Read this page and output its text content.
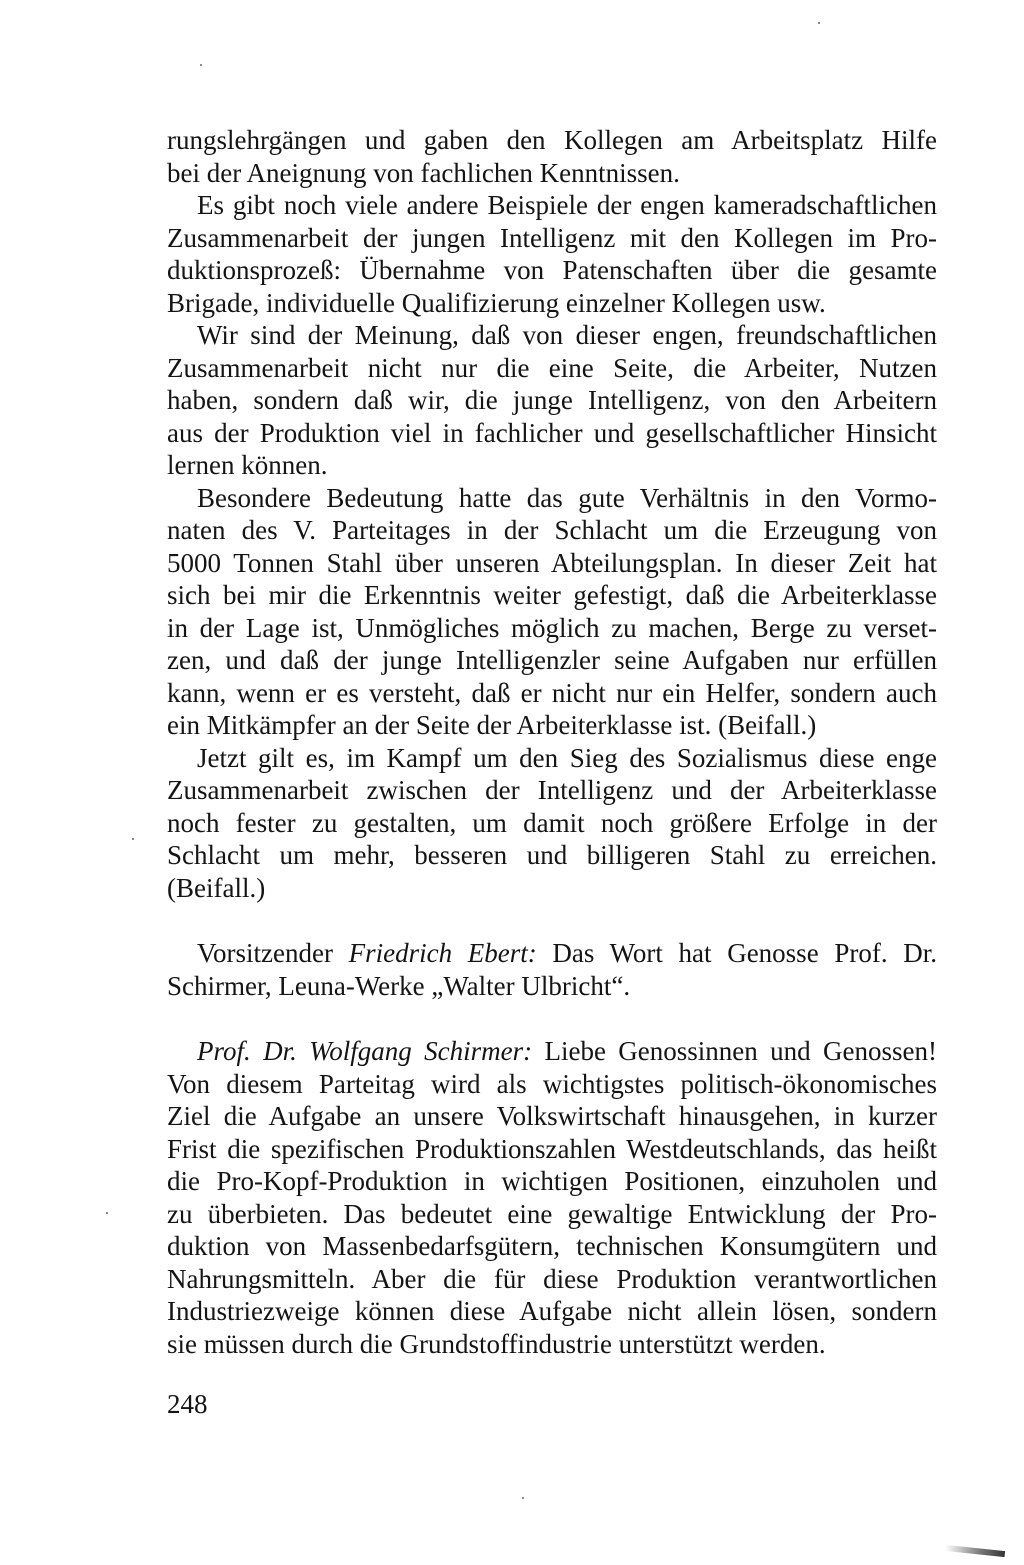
rungslehrgängen und gaben den Kollegen am Arbeitsplatz Hilfe
bei der Aneignung von fachlichen Kenntnissen.
Es gibt noch viele andere Beispiele der engen kameradschaftlichen
Zusammenarbeit der jungen Intelligenz mit den Kollegen im Pro-
duktionsprozeß: Übernahme von Patenschaften über die gesamte
Brigade, individuelle Qualifizierung einzelner Kollegen usw.
Wir sind der Meinung, daß von dieser engen, freundschaftlichen
Zusammenarbeit nicht nur die eine Seite, die Arbeiter, Nutzen
haben, sondern daß wir, die junge Intelligenz, von den Arbeitern
aus der Produktion viel in fachlicher und gesellschaftlicher Hinsicht
lernen können.
Besondere Bedeutung hatte das gute Verhältnis in den Vormo-
naten des V. Parteitages in der Schlacht um die Erzeugung von
5000 Tonnen Stahl über unseren Abteilungsplan. In dieser Zeit hat
sich bei mir die Erkenntnis weiter gefestigt, daß die Arbeiterklasse
in der Lage ist, Unmögliches möglich zu machen, Berge zu verset-
zen, und daß der junge Intelligenzler seine Aufgaben nur erfüllen
kann, wenn er es versteht, daß er nicht nur ein Helfer, sondern auch
ein Mitkämpfer an der Seite der Arbeiterklasse ist. (Beifall.)
Jetzt gilt es, im Kampf um den Sieg des Sozialismus diese enge
Zusammenarbeit zwischen der Intelligenz und der Arbeiterklasse
noch fester zu gestalten, um damit noch größere Erfolge in der
Schlacht um mehr, besseren und billigeren Stahl zu erreichen.
(Beifall.)
Vorsitzender Friedrich Ebert: Das Wort hat Genosse Prof. Dr.
Schirmer, Leuna-Werke „Walter Ulbricht“.
Prof. Dr. Wolfgang Schirmer: Liebe Genossinnen und Genossen!
Von diesem Parteitag wird als wichtigstes politisch-ökonomisches
Ziel die Aufgabe an unsere Volkswirtschaft hinausgehen, in kurzer
Frist die spezifischen Produktionszahlen Westdeutschlands, das heißt
die Pro-Kopf-Produktion in wichtigen Positionen, einzuholen und
zu überbieten. Das bedeutet eine gewaltige Entwicklung der Pro-
duktion von Massenbedarfsgütern, technischen Konsumgütern und
Nahrungsmitteln. Aber die für diese Produktion verantwortlichen
Industriezweige können diese Aufgabe nicht allein lösen, sondern
sie müssen durch die Grundstoffindustrie unterstützt werden.
248
